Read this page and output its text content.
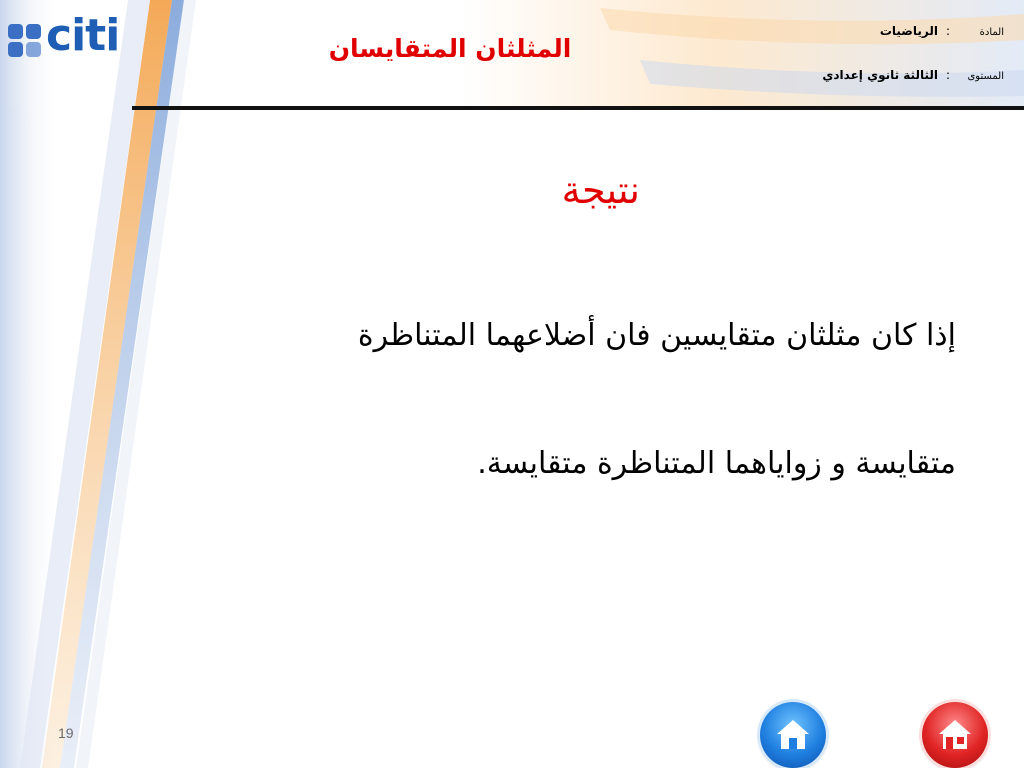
citi	المثلثان المتقايسان
المادة:الرياضيات
المستوى:الثالثة ثانوي إعدادي
نتيجة
إذا كان مثلثان متقايسين فان أضلاعهما المتناظرة
متقايسة و زواياهما المتناظرة متقايسة.
19
